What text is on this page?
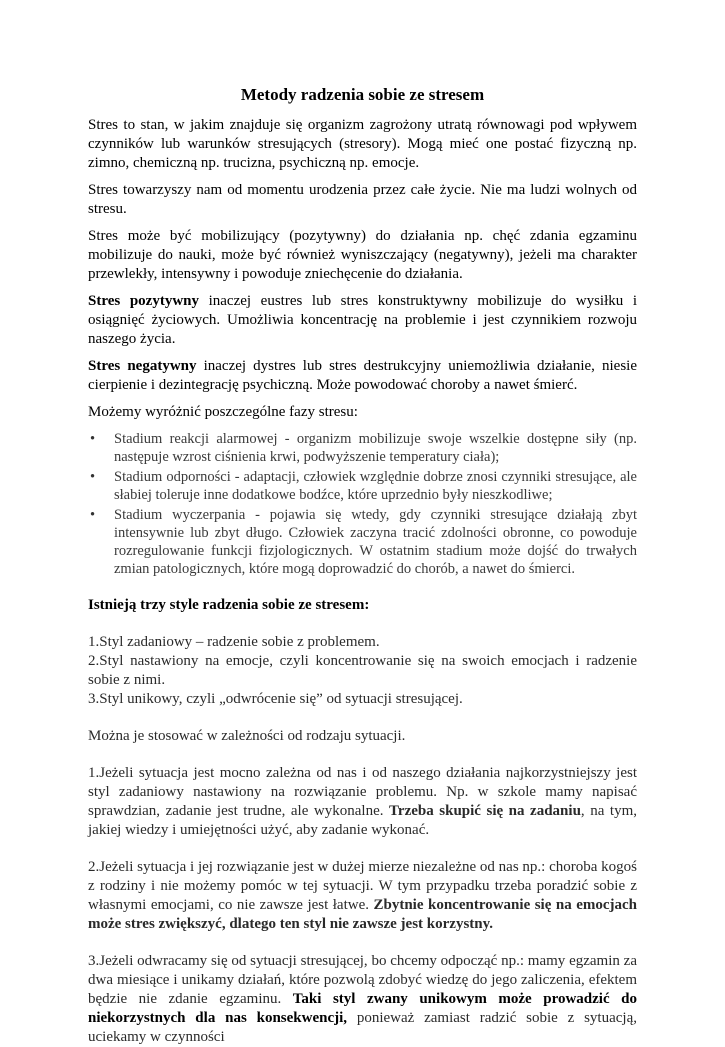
Metody radzenia sobie ze stresem
Stres to stan, w jakim znajduje się organizm zagrożony utratą równowagi pod wpływem czynników lub warunków stresujących (stresory). Mogą mieć one postać fizyczną np. zimno, chemiczną np. trucizna, psychiczną np. emocje.
Stres towarzyszy nam od momentu urodzenia przez całe życie. Nie ma ludzi wolnych od stresu.
Stres może być mobilizujący (pozytywny) do działania np. chęć zdania egzaminu mobilizuje do nauki, może być również wyniszczający (negatywny), jeżeli ma charakter przewlekły, intensywny i powoduje zniechęcenie do działania.
Stres pozytywny inaczej eustres lub stres konstruktywny mobilizuje do wysiłku i osiągnięć życiowych. Umożliwia koncentrację na problemie i jest czynnikiem rozwoju naszego życia.
Stres negatywny inaczej dystres lub stres destrukcyjny uniemożliwia działanie, niesie cierpienie i dezintegrację psychiczną. Może powodować choroby a nawet śmierć.
Możemy wyróżnić poszczególne fazy stresu:
• Stadium reakcji alarmowej - organizm mobilizuje swoje wszelkie dostępne siły (np. następuje wzrost ciśnienia krwi, podwyższenie temperatury ciała);
• Stadium odporności - adaptacji, człowiek względnie dobrze znosi czynniki stresujące, ale słabiej toleruje inne dodatkowe bodźce, które uprzednio były nieszkodliwe;
• Stadium wyczerpania - pojawia się wtedy, gdy czynniki stresujące działają zbyt intensywnie lub zbyt długo. Człowiek zaczyna tracić zdolności obronne, co powoduje rozregulowanie funkcji fizjologicznych. W ostatnim stadium może dojść do trwałych zmian patologicznych, które mogą doprowadzić do chorób, a nawet do śmierci.
Istnieją trzy style radzenia sobie ze stresem:
1.Styl zadaniowy – radzenie sobie z problemem.
2.Styl nastawiony na emocje, czyli koncentrowanie się na swoich emocjach i radzenie sobie z nimi.
3.Styl unikowy, czyli „odwrócenie się” od sytuacji stresującej.
Można je stosować w zależności od rodzaju sytuacji.
1.Jeżeli sytuacja jest mocno zależna od nas i od naszego działania najkorzystniejszy jest styl zadaniowy nastawiony na rozwiązanie problemu. Np. w szkole mamy napisać sprawdzian, zadanie jest trudne, ale wykonalne. Trzeba skupić się na zadaniu, na tym, jakiej wiedzy i umiejętności użyć, aby zadanie wykonać.
2.Jeżeli sytuacja i jej rozwiązanie jest w dużej mierze niezależne od nas np.: choroba kogoś z rodziny i nie możemy pomóc w tej sytuacji. W tym przypadku trzeba poradzić sobie z własnymi emocjami, co nie zawsze jest łatwe. Zbytnie koncentrowanie się na emocjach może stres zwiększyć, dlatego ten styl nie zawsze jest korzystny.
3.Jeżeli odwracamy się od sytuacji stresującej, bo chcemy odpocząć np.: mamy egzamin za dwa miesiące i unikamy działań, które pozwolą zdobyć wiedzę do jego zaliczenia, efektem będzie nie zdanie egzaminu. Taki styl zwany unikowym może prowadzić do niekorzystnych dla nas konsekwencji, ponieważ zamiast radzić sobie z sytuacją, uciekamy w czynności
